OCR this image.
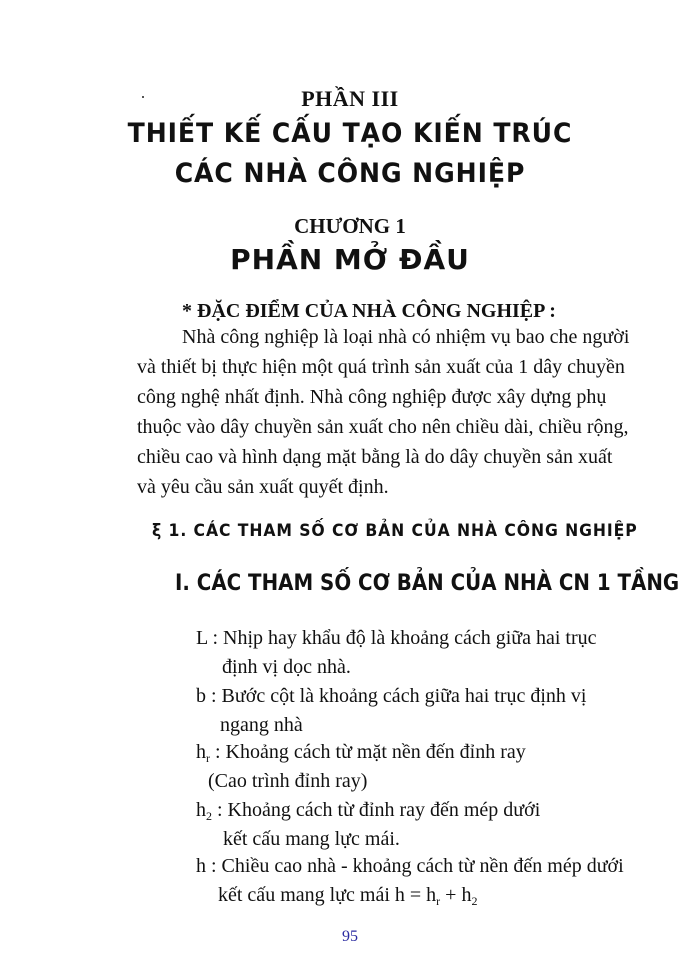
PHẦN III
THIẾT KẾ CẤU TẠO KIẾN TRÚC
CÁC NHÀ CÔNG NGHIỆP
CHƯƠNG 1
PHẦN MỞ ĐẦU
* ĐẶC ĐIỂM CỦA NHÀ CÔNG NGHIỆP :
Nhà công nghiệp là loại nhà có nhiệm vụ bao che người
và thiết bị thực hiện một quá trình sản xuất của 1 dây chuyền
công nghệ nhất định. Nhà công nghiệp được xây dựng phụ
thuộc vào dây chuyền sản xuất cho nên chiều dài, chiều rộng,
chiều cao và hình dạng mặt bằng là do dây chuyền sản xuất
và yêu cầu sản xuất quyết định.
ξ 1. CÁC THAM SỐ CƠ BẢN CỦA NHÀ CÔNG NGHIỆP
I. CÁC THAM SỐ CƠ BẢN CỦA NHÀ CN 1 TẦNG
L : Nhịp hay khẩu độ là khoảng cách giữa hai trục
định vị dọc nhà.
b : Bước cột là khoảng cách giữa hai trục định vị
ngang nhà
$h_r$ : Khoảng cách từ mặt nền đến đỉnh ray
(Cao trình đỉnh ray)
$h_2$ : Khoảng cách từ đỉnh ray đến mép dưới
kết cấu mang lực mái.
h : Chiều cao nhà - khoảng cách từ nền đến mép dưới
kết cấu mang lực mái $h = h_r + h_2$
95
